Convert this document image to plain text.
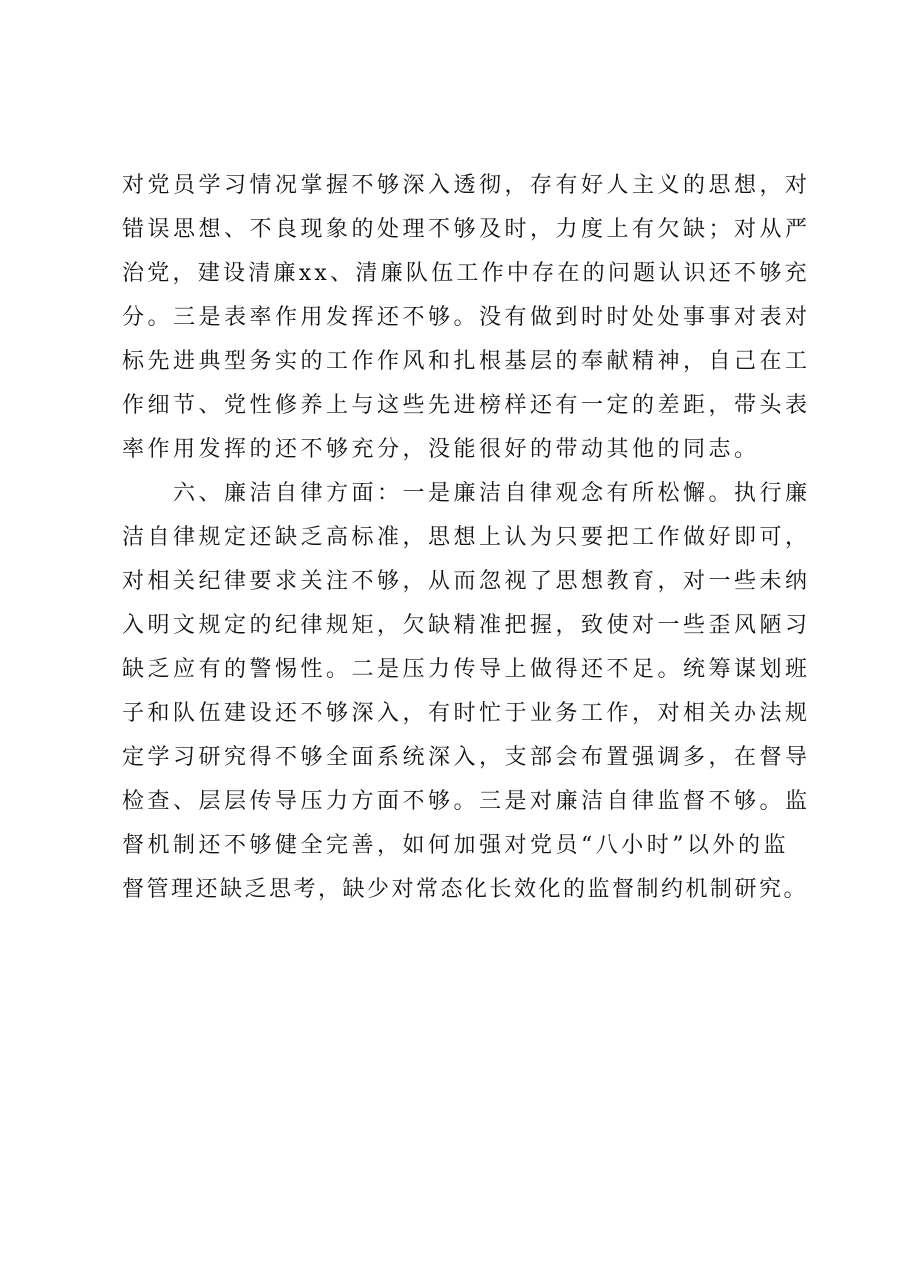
对党员学习情况掌握不够深入透彻，存有好人主义的思想，对
错误思想、不良现象的处理不够及时，力度上有欠缺；对从严
治党，建设清廉xx、清廉队伍工作中存在的问题认识还不够充
分。三是表率作用发挥还不够。没有做到时时处处事事对表对
标先进典型务实的工作作风和扎根基层的奉献精神，自己在工
作细节、党性修养上与这些先进榜样还有一定的差距，带头表
率作用发挥的还不够充分，没能很好的带动其他的同志。
　　六、廉洁自律方面：一是廉洁自律观念有所松懈。执行廉
洁自律规定还缺乏高标准，思想上认为只要把工作做好即可，
对相关纪律要求关注不够，从而忽视了思想教育，对一些未纳
入明文规定的纪律规矩，欠缺精准把握，致使对一些歪风陋习
缺乏应有的警惕性。二是压力传导上做得还不足。统筹谋划班
子和队伍建设还不够深入，有时忙于业务工作，对相关办法规
定学习研究得不够全面系统深入，支部会布置强调多，在督导
检查、层层传导压力方面不够。三是对廉洁自律监督不够。监
督机制还不够健全完善，如何加强对党员“八小时”以外的监
督管理还缺乏思考，缺少对常态化长效化的监督制约机制研究。
